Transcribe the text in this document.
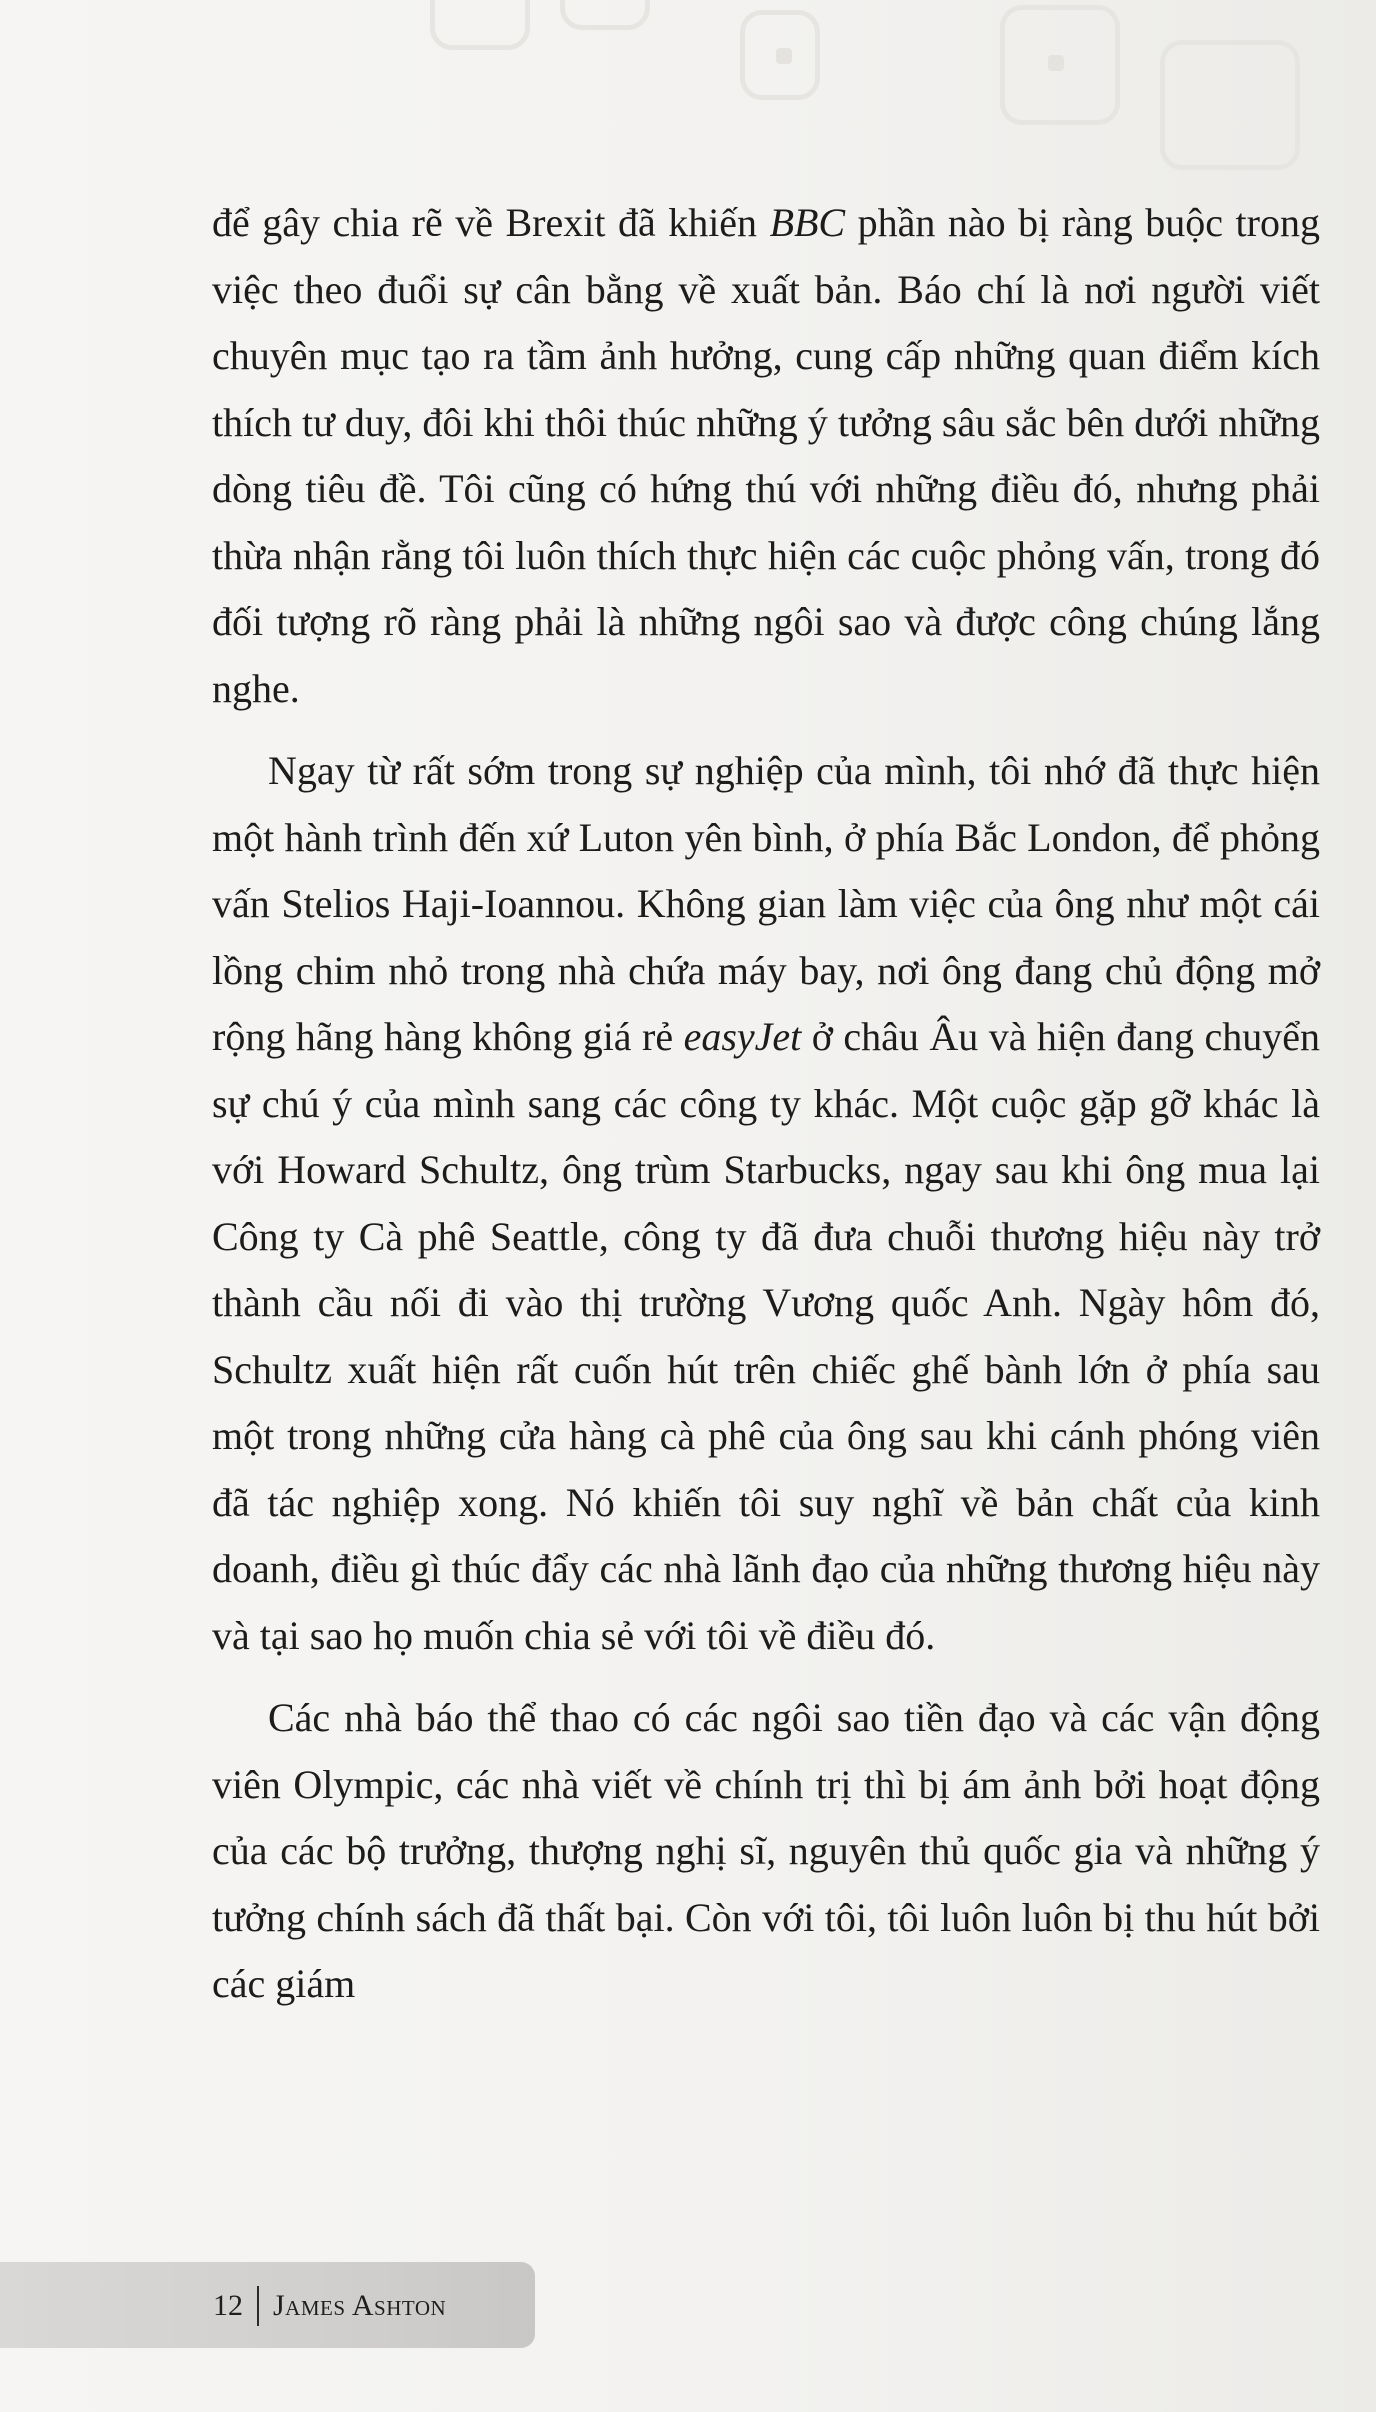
để gây chia rẽ về Brexit đã khiến BBC phần nào bị ràng buộc trong việc theo đuổi sự cân bằng về xuất bản. Báo chí là nơi người viết chuyên mục tạo ra tầm ảnh hưởng, cung cấp những quan điểm kích thích tư duy, đôi khi thôi thúc những ý tưởng sâu sắc bên dưới những dòng tiêu đề. Tôi cũng có hứng thú với những điều đó, nhưng phải thừa nhận rằng tôi luôn thích thực hiện các cuộc phỏng vấn, trong đó đối tượng rõ ràng phải là những ngôi sao và được công chúng lắng nghe.

Ngay từ rất sớm trong sự nghiệp của mình, tôi nhớ đã thực hiện một hành trình đến xứ Luton yên bình, ở phía Bắc London, để phỏng vấn Stelios Haji-Ioannou. Không gian làm việc của ông như một cái lồng chim nhỏ trong nhà chứa máy bay, nơi ông đang chủ động mở rộng hãng hàng không giá rẻ easyJet ở châu Âu và hiện đang chuyển sự chú ý của mình sang các công ty khác. Một cuộc gặp gỡ khác là với Howard Schultz, ông trùm Starbucks, ngay sau khi ông mua lại Công ty Cà phê Seattle, công ty đã đưa chuỗi thương hiệu này trở thành cầu nối đi vào thị trường Vương quốc Anh. Ngày hôm đó, Schultz xuất hiện rất cuốn hút trên chiếc ghế bành lớn ở phía sau một trong những cửa hàng cà phê của ông sau khi cánh phóng viên đã tác nghiệp xong. Nó khiến tôi suy nghĩ về bản chất của kinh doanh, điều gì thúc đẩy các nhà lãnh đạo của những thương hiệu này và tại sao họ muốn chia sẻ với tôi về điều đó.

Các nhà báo thể thao có các ngôi sao tiền đạo và các vận động viên Olympic, các nhà viết về chính trị thì bị ám ảnh bởi hoạt động của các bộ trưởng, thượng nghị sĩ, nguyên thủ quốc gia và những ý tưởng chính sách đã thất bại. Còn với tôi, tôi luôn luôn bị thu hút bởi các giám

12 James Ashton
